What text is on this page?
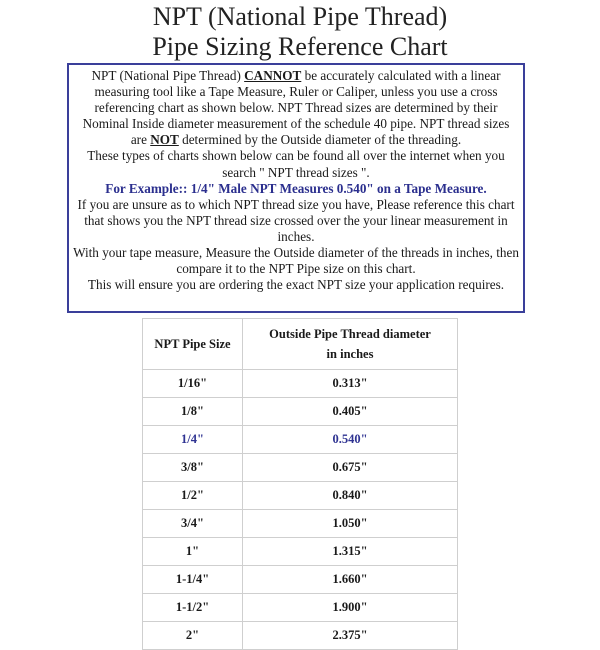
NPT (National Pipe Thread)
Pipe Sizing Reference Chart

NPT (National Pipe Thread) CANNOT be accurately calculated with a linear measuring tool like a Tape Measure, Ruler or Caliper, unless you use a cross referencing chart as shown below. NPT Thread sizes are determined by their Nominal Inside diameter measurement of the schedule 40 pipe. NPT thread sizes are NOT determined by the Outside diameter of the threading.

These types of charts shown below can be found all over the internet when you search " NPT thread sizes ".

For Example:: 1/4" Male NPT Measures 0.540" on a Tape Measure.

If you are unsure as to which NPT thread size you have, Please reference this chart that shows you the NPT thread size crossed over the your linear measurement in inches.

With your tape measure, Measure the Outside diameter of the threads in inches, then compare it to the NPT Pipe size on this chart.

This will ensure you are ordering the exact NPT size your application requires.

NPT Pipe Size	Outside Pipe Thread diameter
in inches
1/16"	0.313"
1/8"	0.405"
1/4"	0.540"
3/8"	0.675"
1/2"	0.840"
3/4"	1.050"
1"	1.315"
1-1/4"	1.660"
1-1/2"	1.900"
2"	2.375"
